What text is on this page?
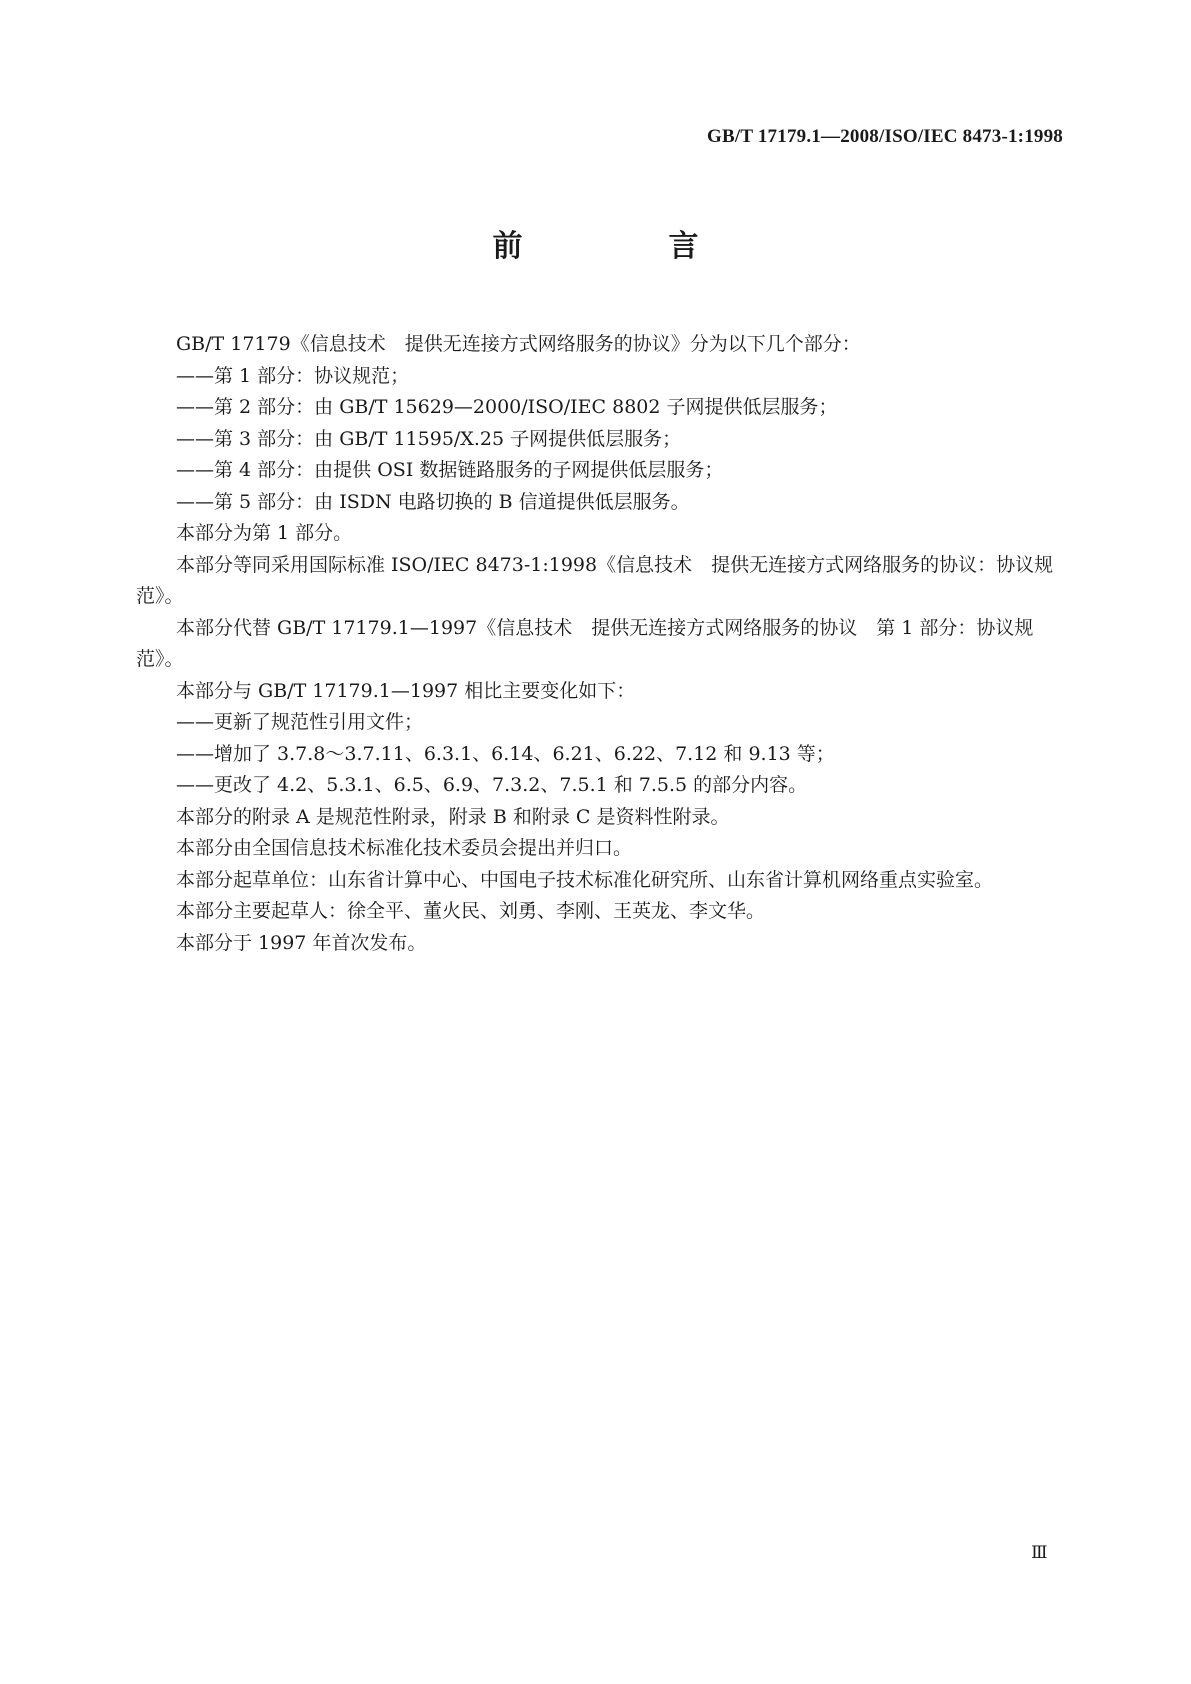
GB/T 17179.1—2008/ISO/IEC 8473-1:1998
前　言

GB/T 17179《信息技术　提供无连接方式网络服务的协议》分为以下几个部分：

——第 1 部分：协议规范；

——第 2 部分：由 GB/T 15629—2000/ISO/IEC 8802 子网提供低层服务；

——第 3 部分：由 GB/T 11595/X.25 子网提供低层服务；

——第 4 部分：由提供 OSI 数据链路服务的子网提供低层服务；

——第 5 部分：由 ISDN 电路切换的 B 信道提供低层服务。

本部分为第 1 部分。

本部分等同采用国际标准 ISO/IEC 8473-1:1998《信息技术　提供无连接方式网络服务的协议：协议规范》。

本部分代替 GB/T 17179.1—1997《信息技术　提供无连接方式网络服务的协议　第 1 部分：协议规范》。

本部分与 GB/T 17179.1—1997 相比主要变化如下：

——更新了规范性引用文件；

——增加了 3.7.8～3.7.11、6.3.1、6.14、6.21、6.22、7.12 和 9.13 等；

——更改了 4.2、5.3.1、6.5、6.9、7.3.2、7.5.1 和 7.5.5 的部分内容。

本部分的附录 A 是规范性附录，附录 B 和附录 C 是资料性附录。

本部分由全国信息技术标准化技术委员会提出并归口。

本部分起草单位：山东省计算中心、中国电子技术标准化研究所、山东省计算机网络重点实验室。

本部分主要起草人：徐全平、董火民、刘勇、李刚、王英龙、李文华。

本部分于 1997 年首次发布。

Ⅲ
